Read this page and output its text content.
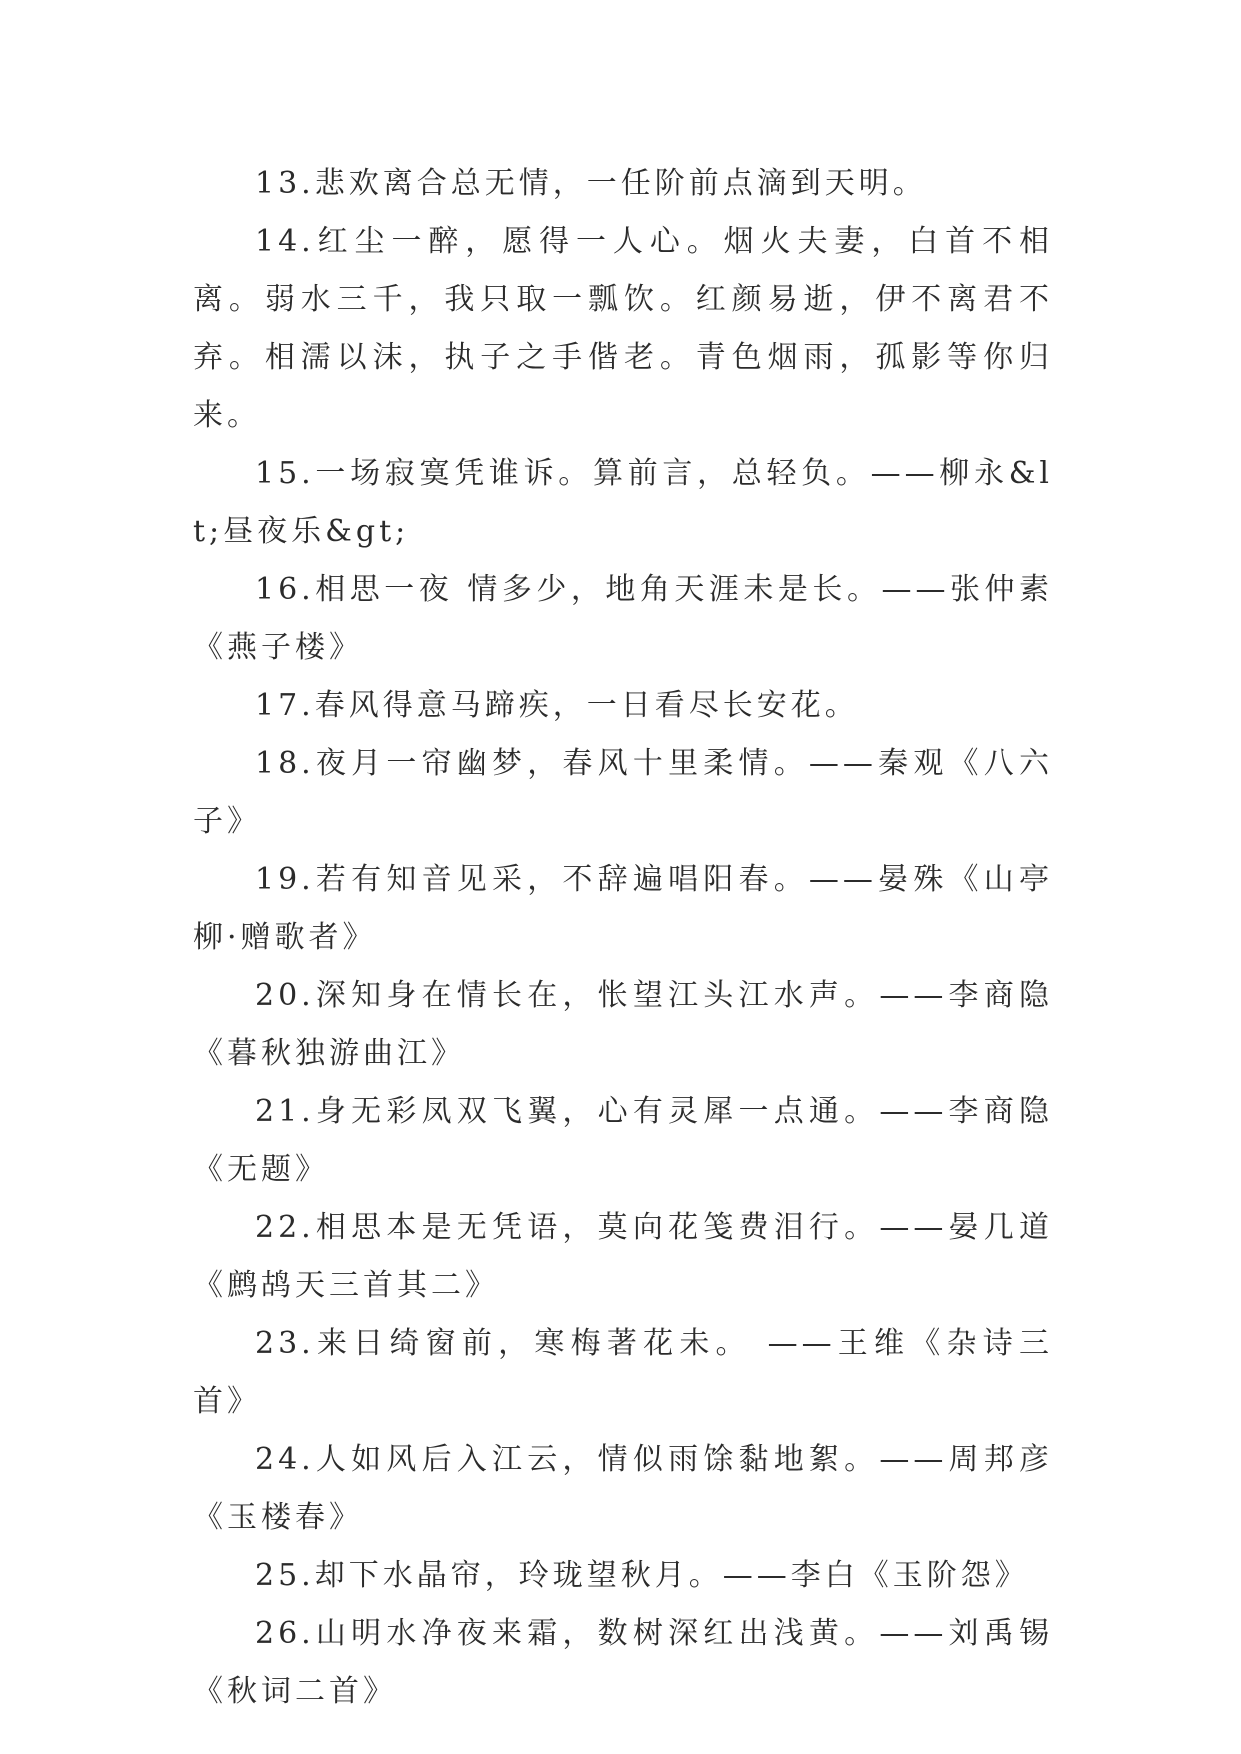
13.悲欢离合总无情，一任阶前点滴到天明。

14.红尘一醉，愿得一人心。烟火夫妻，白首不相离。弱水三千，我只取一瓢饮。红颜易逝，伊不离君不弃。相濡以沫，执子之手偕老。青色烟雨，孤影等你归来。

15.一场寂寞凭谁诉。算前言，总轻负。——柳永&lt;昼夜乐&gt;

16.相思一夜 情多少，地角天涯未是长。——张仲素《燕子楼》

17.春风得意马蹄疾，一日看尽长安花。

18.夜月一帘幽梦，春风十里柔情。——秦观《八六子》

19.若有知音见采，不辞遍唱阳春。——晏殊《山亭柳·赠歌者》

20.深知身在情长在，怅望江头江水声。——李商隐《暮秋独游曲江》

21.身无彩凤双飞翼，心有灵犀一点通。——李商隐《无题》

22.相思本是无凭语，莫向花笺费泪行。——晏几道《鹧鸪天三首其二》

23.来日绮窗前，寒梅著花未。 ——王维《杂诗三首》

24.人如风后入江云，情似雨馀黏地絮。——周邦彦《玉楼春》

25.却下水晶帘，玲珑望秋月。——李白《玉阶怨》

26.山明水净夜来霜，数树深红出浅黄。——刘禹锡《秋词二首》
